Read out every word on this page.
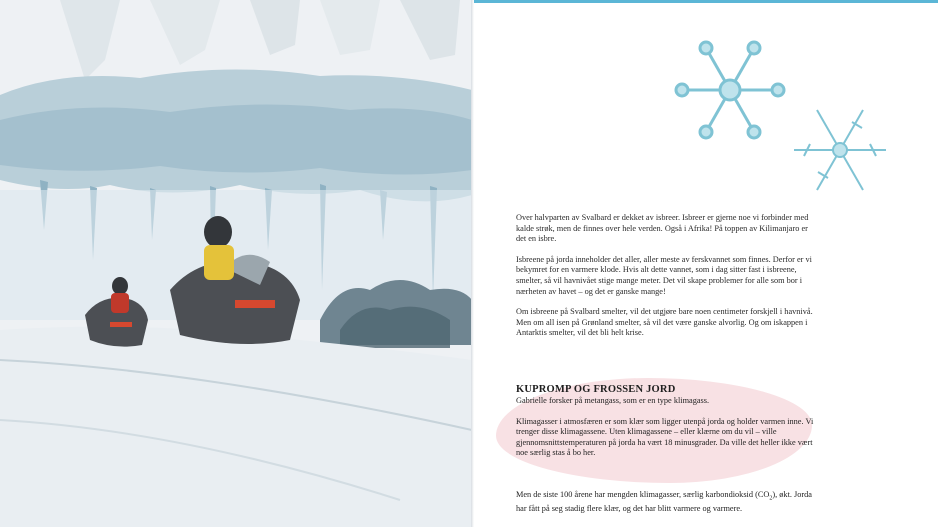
Over halvparten av Svalbard er dekket av isbreer. Isbreer er gjerne noe vi forbinder med kalde strøk, men de finnes over hele verden. Også i Afrika! På toppen av Kilimanjaro er det en isbre.

Isbreene på jorda inneholder det aller, aller meste av ferskvannet som finnes. Derfor er vi bekymret for en varmere klode. Hvis alt dette vannet, som i dag sitter fast i isbreene, smelter, så vil havnivået stige mange meter. Det vil skape problemer for alle som bor i nærheten av havet – og det er ganske mange!

Om isbreene på Svalbard smelter, vil det utgjøre bare noen centimeter forskjell i havnivå. Men om all isen på Grønland smelter, så vil det være ganske alvorlig. Og om iskappen i Antarktis smelter, vil det bli helt krise.

KUPROMP OG FROSSEN JORD

Gabrielle forsker på metangass, som er en type klimagass.

Klimagasser i atmosfæren er som klær som ligger utenpå jorda og holder varmen inne. Vi trenger disse klimagassene. Uten klimagassene – eller klærne om du vil – ville gjennomsnittstemperaturen på jorda ha vært 18 minusgrader. Da ville det heller ikke vært noe særlig stas å bo her.

Men de siste 100 årene har mengden klimagasser, særlig karbondioksid $(CO_2)$, økt. Jorda har fått på seg stadig flere klær, og det har blitt varmere og varmere.
